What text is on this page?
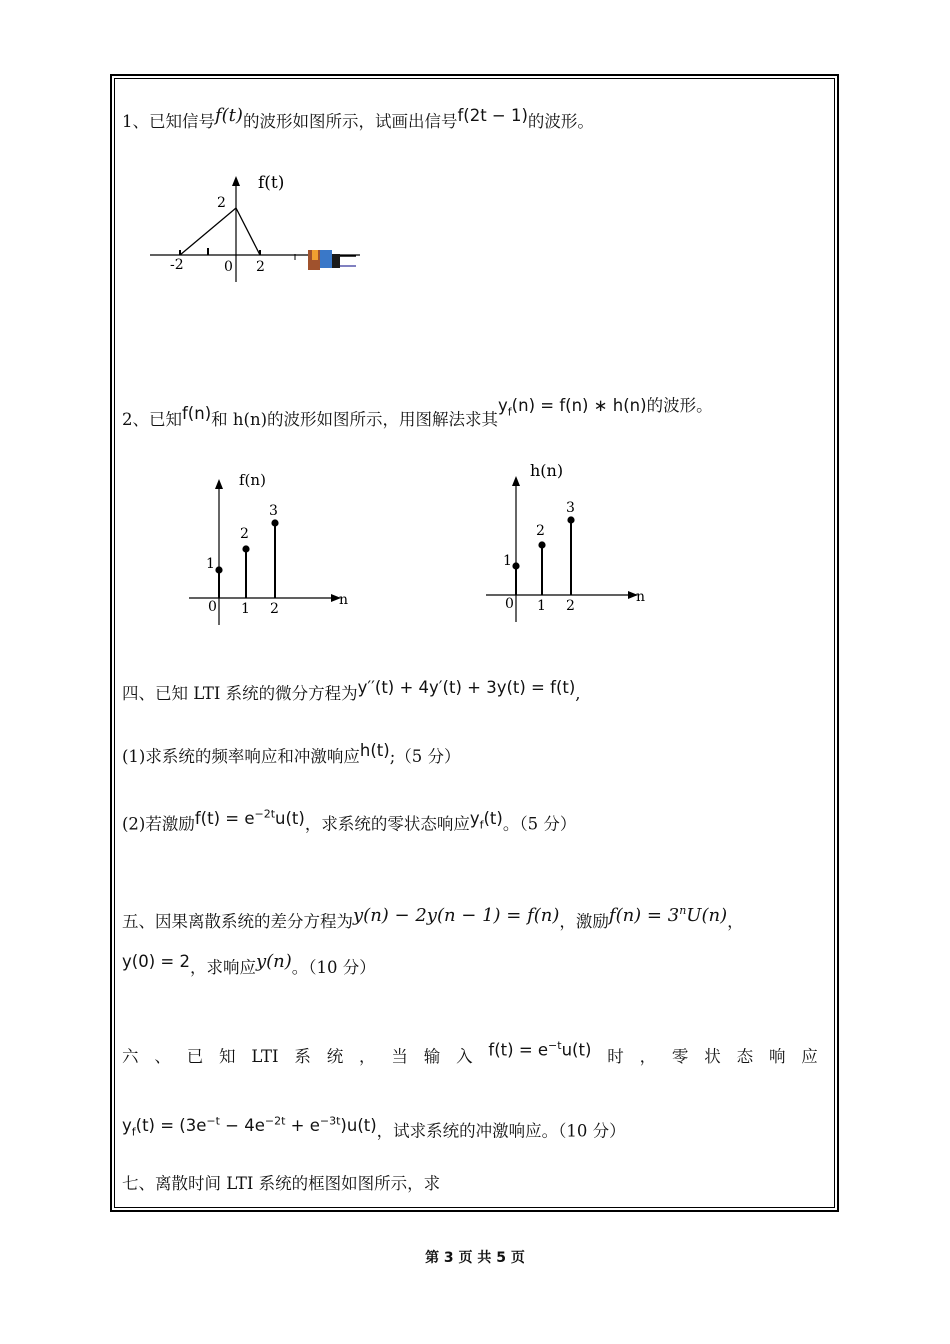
1、已知信号f(t)的波形如图所示，试画出信号f(2t − 1)的波形。
f(t)
2
-2	0 2
2、已知f(n)和 h(n)的波形如图所示，用图解法求其$y_f(n) = f(n)$ ∗ h(n)的波形。
f(n)
1
2
3
0 1 2
n
h(n)
1
2
3
0 1 2
n
四、已知 LTI 系统的微分方程为y′′(t) + 4y′(t) + 3y(t) = f(t),
(1)求系统的频率响应和冲激响应h(t);（5 分）
(2)若激励$f(t) = e^{-2t}u(t)$，求系统的零状态响应$y_f(t)$。（5 分）
五、因果离散系统的差分方程为y(n) − 2y(n − 1) = f(n)，激励$f(n) = 3^nU(n)$，
y(0) = 2，求响应y(n)。（10 分）
六 、 已 知 LTI 系 统 ， 当 输 入 $f(t) = e^{-t}u(t)$ 时 ， 零 状 态 响 应
$y_f(t) = (3e^{-t} - 4e^{-2t} + e^{-3t})u(t)$，试求系统的冲激响应。（10 分）
七、离散时间 LTI 系统的框图如图所示，求
第 3 页 共 5 页
